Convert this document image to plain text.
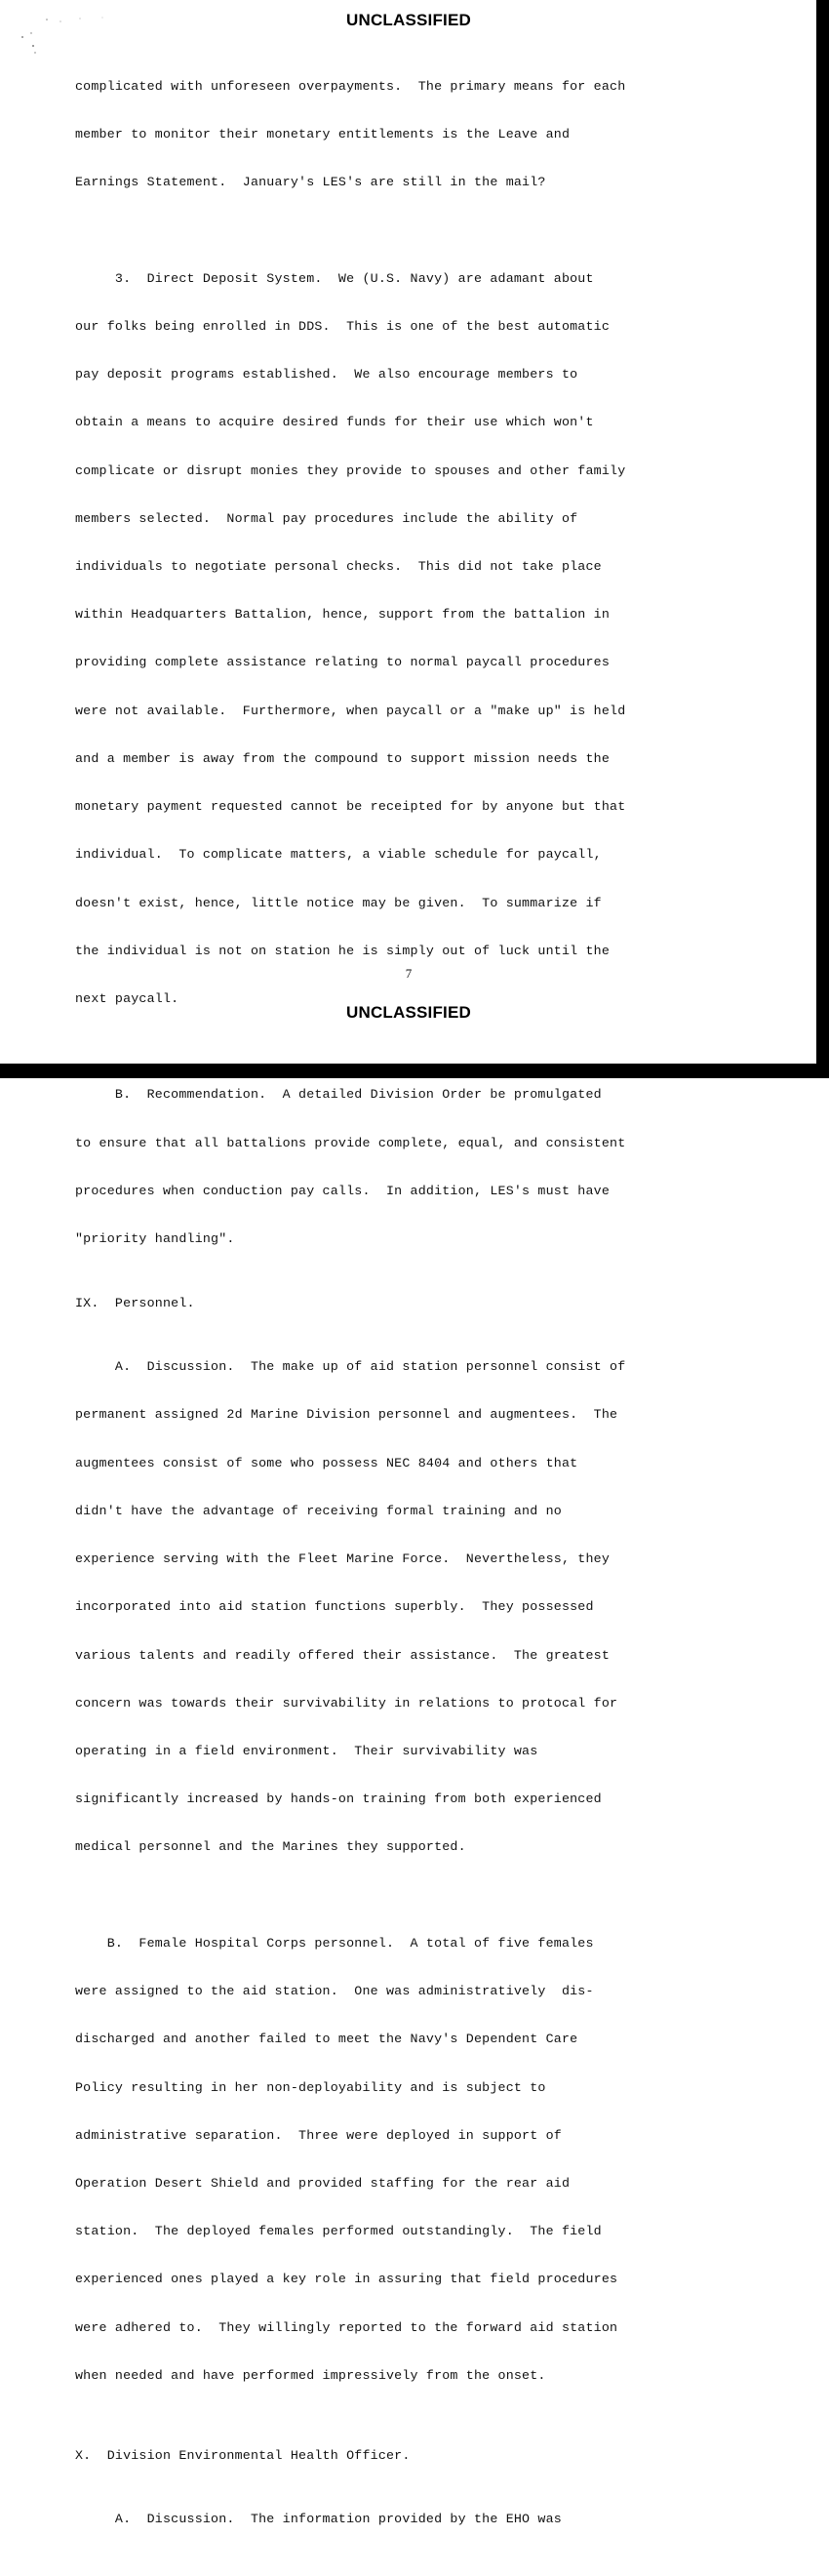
UNCLASSIFIED

complicated with unforeseen overpayments.  The primary means for each

member to monitor their monetary entitlements is the Leave and

Earnings Statement.  January's LES's are still in the mail?

3.  Direct Deposit System.  We (U.S. Navy) are adamant about

our folks being enrolled in DDS.  This is one of the best automatic

pay deposit programs established.  We also encourage members to

obtain a means to acquire desired funds for their use which won't

complicate or disrupt monies they provide to spouses and other family

members selected.  Normal pay procedures include the ability of

individuals to negotiate personal checks.  This did not take place

within Headquarters Battalion, hence, support from the battalion in

providing complete assistance relating to normal paycall procedures

were not available.  Furthermore, when paycall or a "make up" is held

and a member is away from the compound to support mission needs the

monetary payment requested cannot be receipted for by anyone but that

individual.  To complicate matters, a viable schedule for paycall,

doesn't exist, hence, little notice may be given.  To summarize if

the individual is not on station he is simply out of luck until the

next paycall.

B.  Recommendation.  A detailed Division Order be promulgated

to ensure that all battalions provide complete, equal, and consistent

procedures when conduction pay calls.  In addition, LES's must have

"priority handling".

IX.  Personnel.

A.  Discussion.  The make up of aid station personnel consist of

permanent assigned 2d Marine Division personnel and augmentees.  The

augmentees consist of some who possess NEC 8404 and others that

didn't have the advantage of receiving formal training and no

experience serving with the Fleet Marine Force.  Nevertheless, they

incorporated into aid station functions superbly.  They possessed

various talents and readily offered their assistance.  The greatest

concern was towards their survivability in relations to protocal for

operating in a field environment.  Their survivability was

significantly increased by hands-on training from both experienced

medical personnel and the Marines they supported.

B.  Female Hospital Corps personnel.  A total of five females

were assigned to the aid station.  One was administratively  dis-

discharged and another failed to meet the Navy's Dependent Care

Policy resulting in her non-deployability and is subject to

administrative separation.  Three were deployed in support of

Operation Desert Shield and provided staffing for the rear aid

station.  The deployed females performed outstandingly.  The field

experienced ones played a key role in assuring that field procedures

were adhered to.  They willingly reported to the forward aid station

when needed and have performed impressively from the onset.

X.  Division Environmental Health Officer.

A.  Discussion.  The information provided by the EHO was

7
UNCLASSIFIED
